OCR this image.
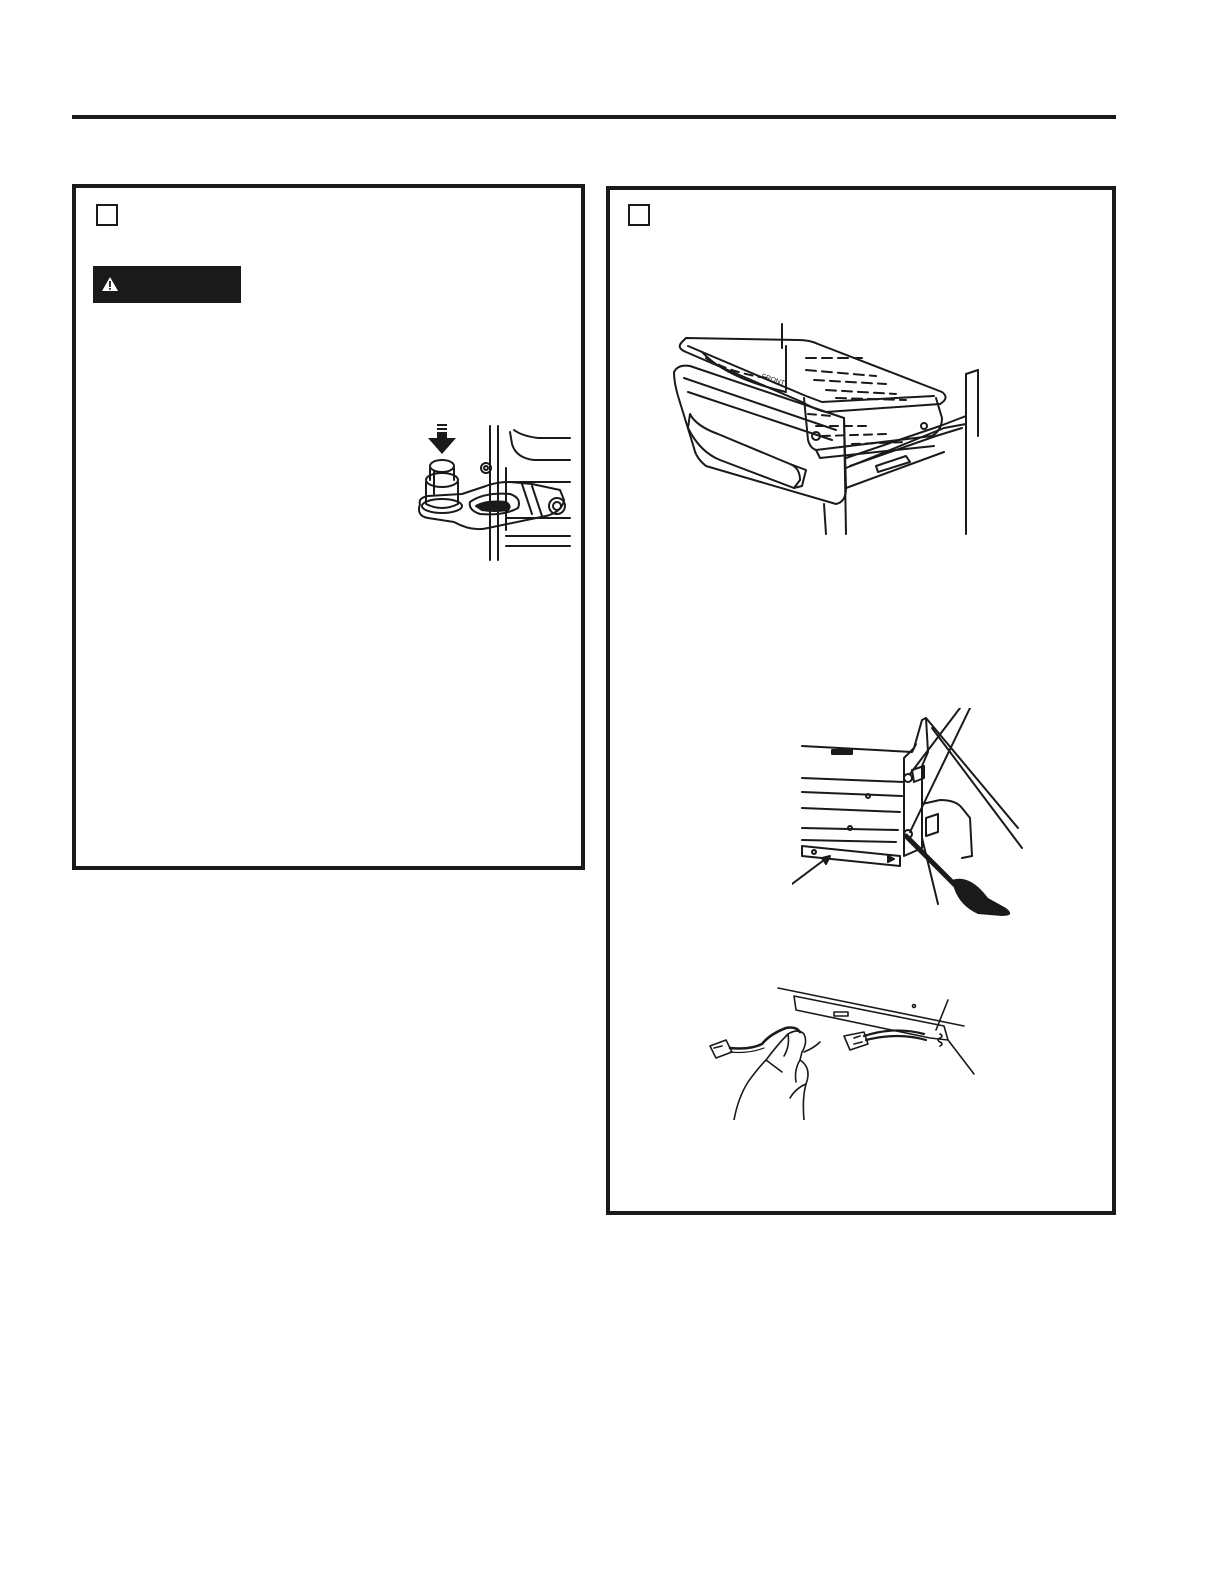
FRONT
